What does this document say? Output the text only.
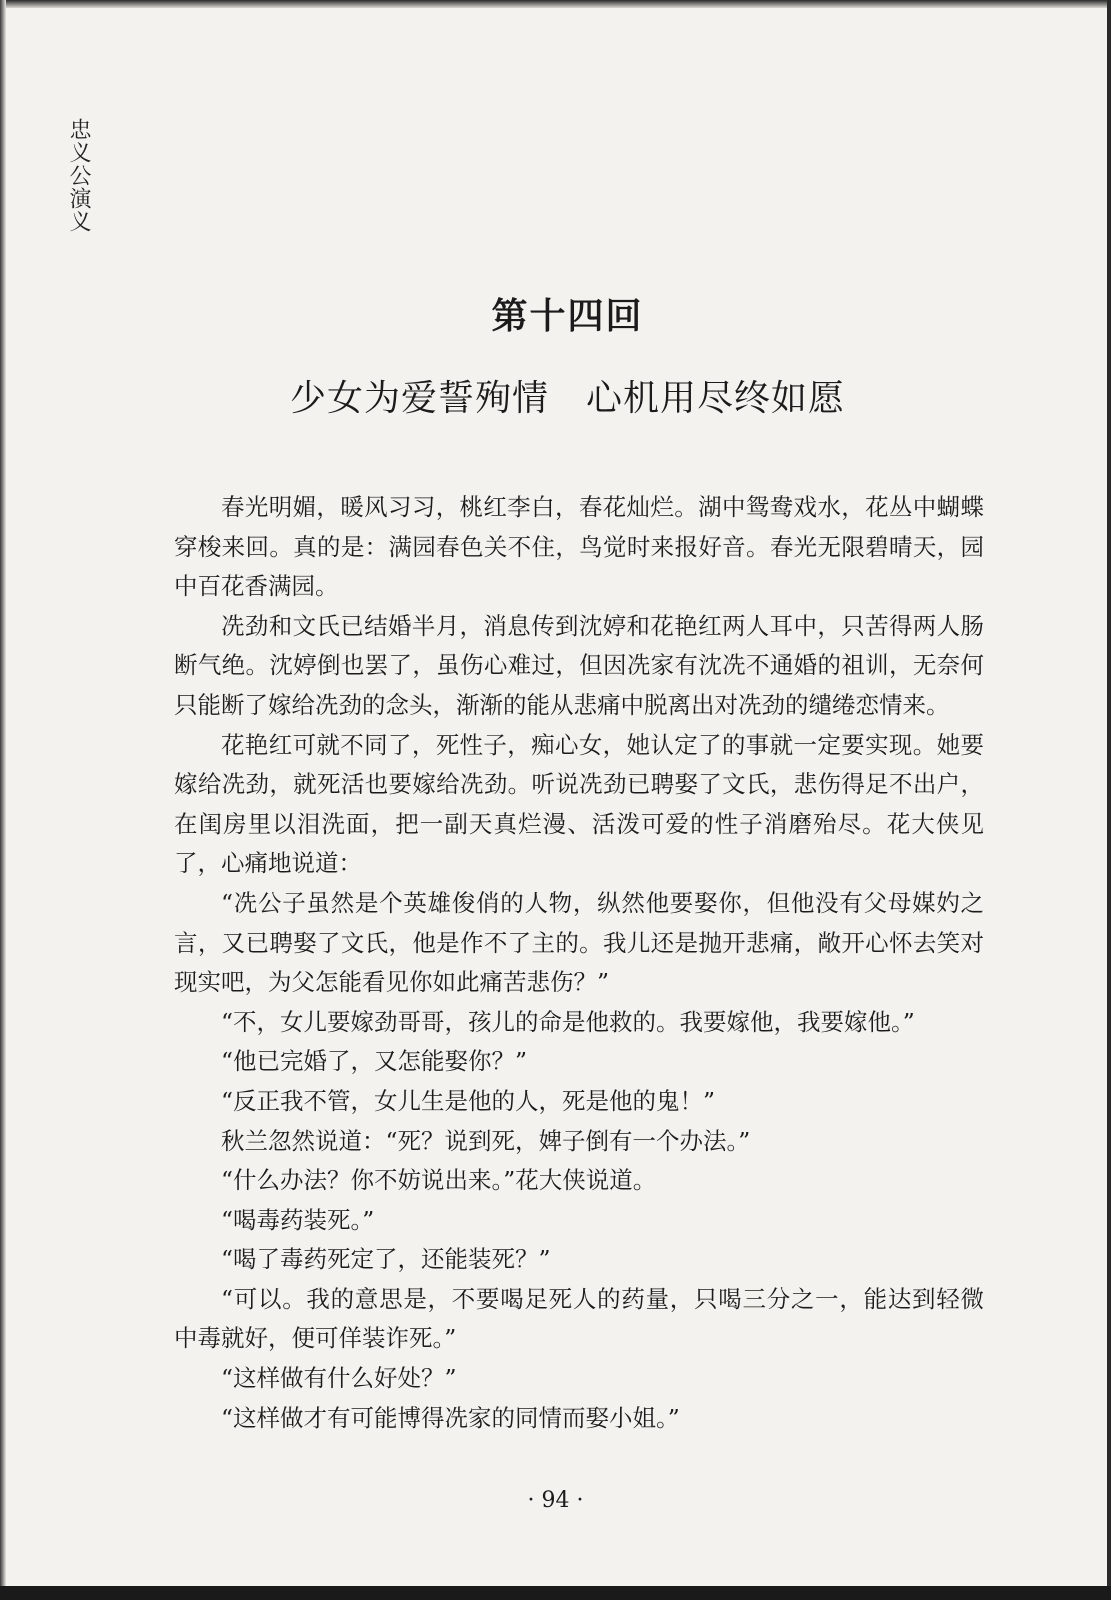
忠义公演义
第十四回
少女为爱誓殉情　心机用尽终如愿

春光明媚，暖风习习，桃红李白，春花灿烂。湖中鸳鸯戏水，花丛中蝴蝶穿梭来回。真的是：满园春色关不住，鸟觉时来报好音。春光无限碧晴天，园中百花香满园。

冼劲和文氏已结婚半月，消息传到沈婷和花艳红两人耳中，只苦得两人肠断气绝。沈婷倒也罢了，虽伤心难过，但因冼家有沈冼不通婚的祖训，无奈何只能断了嫁给冼劲的念头，渐渐的能从悲痛中脱离出对冼劲的缱绻恋情来。

花艳红可就不同了，死性子，痴心女，她认定了的事就一定要实现。她要嫁给冼劲，就死活也要嫁给冼劲。听说冼劲已聘娶了文氏，悲伤得足不出户，在闺房里以泪洗面，把一副天真烂漫、活泼可爱的性子消磨殆尽。花大侠见了，心痛地说道：

“冼公子虽然是个英雄俊俏的人物，纵然他要娶你，但他没有父母媒妁之言，又已聘娶了文氏，他是作不了主的。我儿还是抛开悲痛，敞开心怀去笑对现实吧，为父怎能看见你如此痛苦悲伤？”

“不，女儿要嫁劲哥哥，孩儿的命是他救的。我要嫁他，我要嫁他。”

“他已完婚了，又怎能娶你？”

“反正我不管，女儿生是他的人，死是他的鬼！”

秋兰忽然说道：“死？说到死，婢子倒有一个办法。”

“什么办法？你不妨说出来。”花大侠说道。

“喝毒药装死。”

“喝了毒药死定了，还能装死？”

“可以。我的意思是，不要喝足死人的药量，只喝三分之一，能达到轻微中毒就好，便可佯装诈死。”

“这样做有什么好处？”

“这样做才有可能博得冼家的同情而娶小姐。”

· 94 ·
